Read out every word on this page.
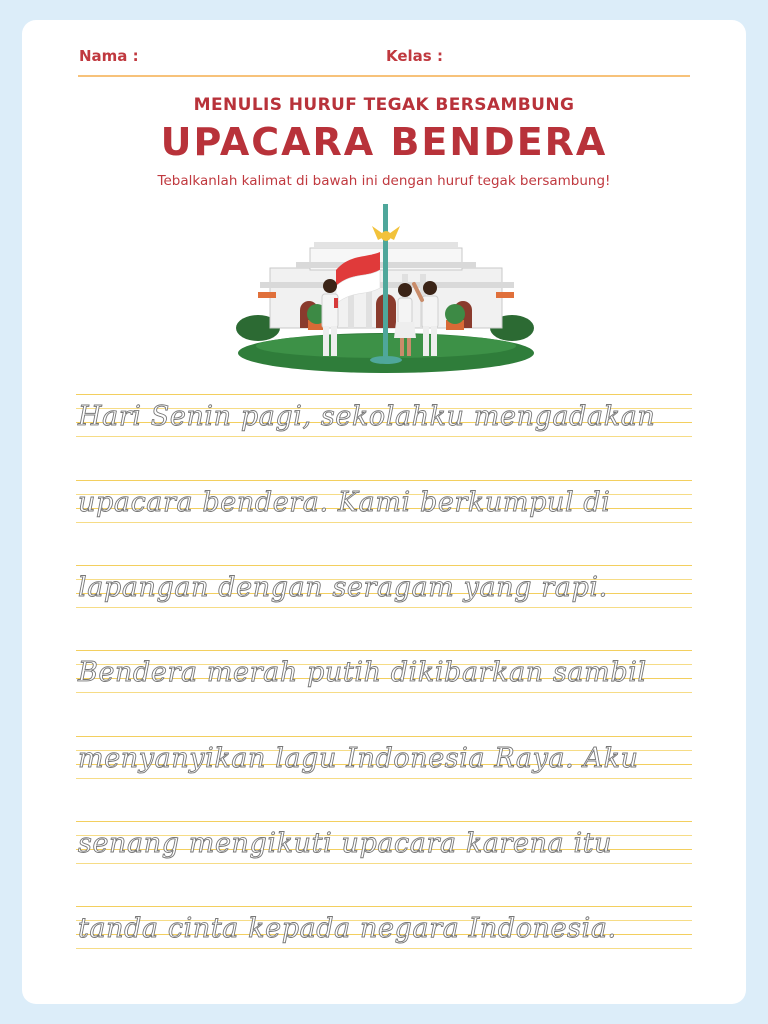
Nama :	Kelas :
MENULIS HURUF TEGAK BERSAMBUNG
UPACARA BENDERA
Tebalkanlah kalimat di bawah ini dengan huruf tegak bersambung!
Hari Senin pagi, sekolahku mengadakan
upacara bendera. Kami berkumpul di
lapangan dengan seragam yang rapi.
Bendera merah putih dikibarkan sambil
menyanyikan lagu Indonesia Raya. Aku
senang mengikuti upacara karena itu
tanda cinta kepada negara Indonesia.
